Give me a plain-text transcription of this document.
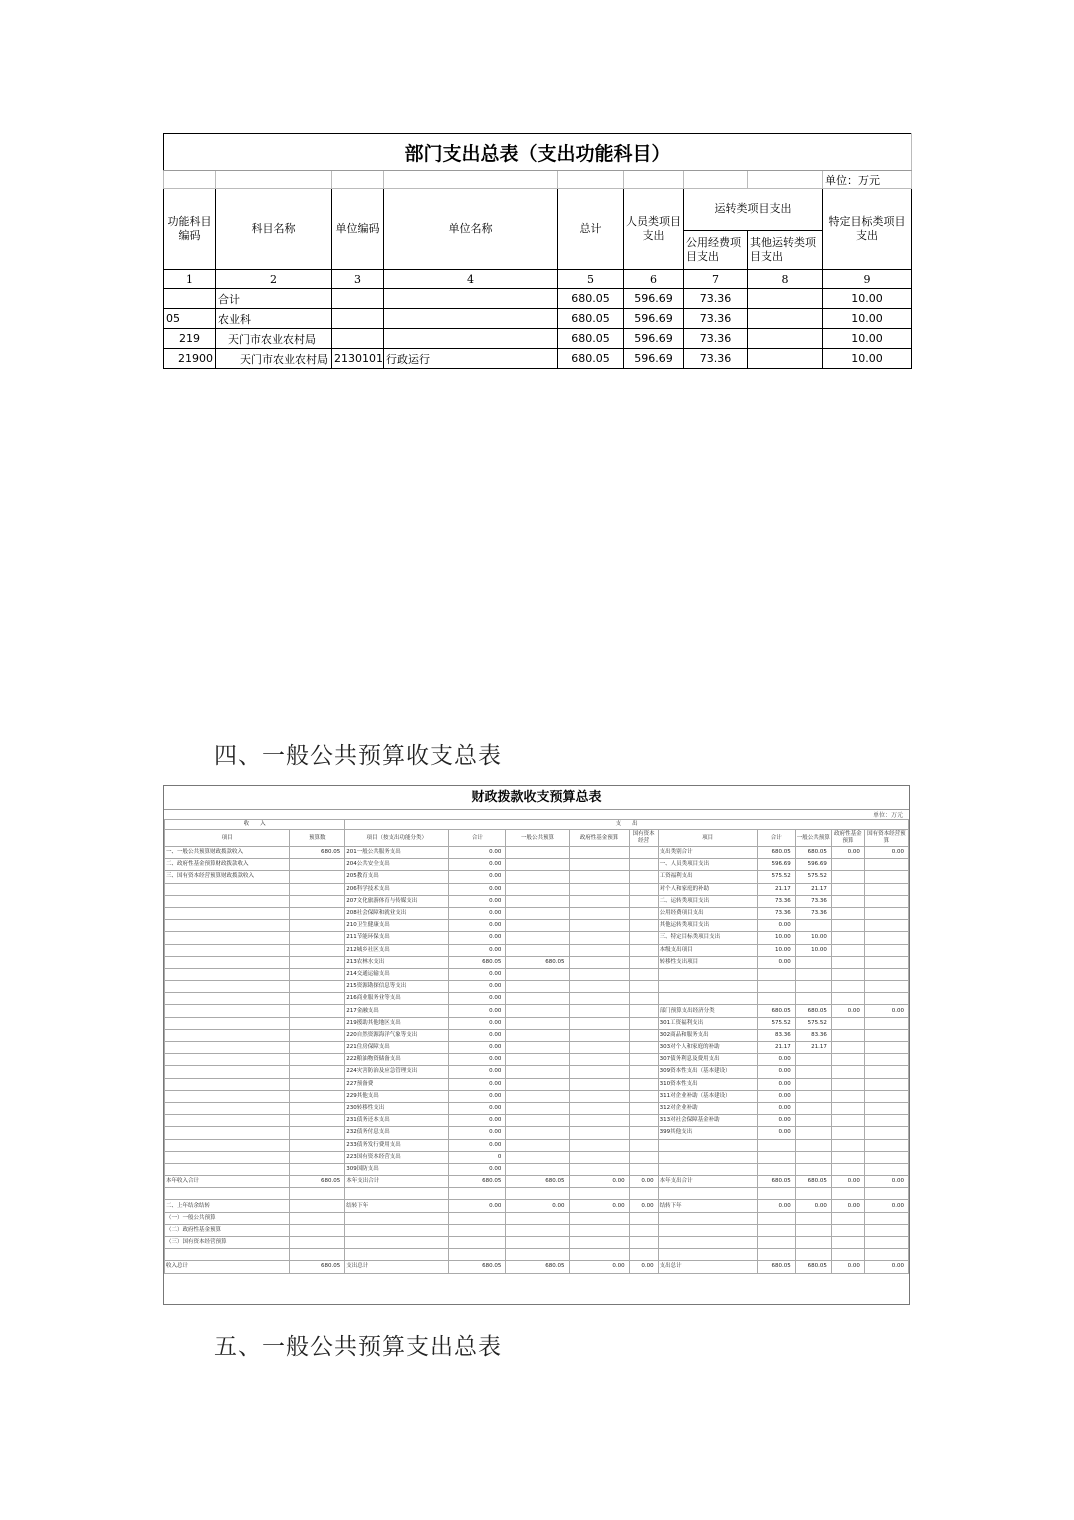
部门支出总表（支出功能科目）								
								单位：万元
功能科目编码	科目名称	单位编码	单位名称	总计	人员类项目支出	运转类项目支出		特定目标类项目支出
						公用经费项目支出	其他运转类项目支出	
1	2	3	4	5	6	7	8	9
	合计			680.05	596.69	73.36		10.00
05	农业科			680.05	596.69	73.36		10.00
219	天门市农业农村局			680.05	596.69	73.36		10.00
21900	天门市农业农村局	2130101	行政运行	680.05	596.69	73.36		10.00
四、一般公共预算收支总表
财政拨款收支预算总表
单位：万元
收　　入		支　　出									
项目	预算数	项目（按支出功能分类）	合计	一般公共预算	政府性基金预算	国有资本经营	项目	合计	一般公共预算	政府性基金预算	国有资本经营预算
一、一般公共预算财政拨款收入	680.05	201一般公共服务支出	0.00				支出类别合计	680.05	680.05	0.00	0.00
二、政府性基金预算财政拨款收入		204公共安全支出	0.00				一、人员类项目支出	596.69	596.69		
三、国有资本经营预算财政拨款收入		205教育支出	0.00				工资福利支出	575.52	575.52		
		206科学技术支出	0.00				对个人和家庭的补助	21.17	21.17		
		207文化旅游体育与传媒支出	0.00				二、运转类项目支出	73.36	73.36		
		208社会保障和就业支出	0.00				公用经费项目支出	73.36	73.36		
		210卫生健康支出	0.00				其他运转类项目支出	0.00			
		211节能环保支出	0.00				三、特定目标类项目支出	10.00	10.00		
		212城乡社区支出	0.00				本级支出项目	10.00	10.00		
		213农林水支出	680.05	680.05			转移性支出项目	0.00			
		214交通运输支出	0.00								
		215资源勘探信息等支出	0.00								
		216商业服务业等支出	0.00								
		217金融支出	0.00				部门预算支出经济分类	680.05	680.05	0.00	0.00
		219援助其他地区支出	0.00				301工资福利支出	575.52	575.52		
		220自然资源海洋气象等支出	0.00				302商品和服务支出	83.36	83.36		
		221住房保障支出	0.00				303对个人和家庭的补助	21.17	21.17		
		222粮油物资储备支出	0.00				307债务利息及费用支出	0.00			
		224灾害防治及应急管理支出	0.00				309资本性支出（基本建设）	0.00			
		227预备费	0.00				310资本性支出	0.00			
		229其他支出	0.00				311对企业补助（基本建设）	0.00			
		230转移性支出	0.00				312对企业补助	0.00			
		231债务还本支出	0.00				313对社会保障基金补助	0.00			
		232债务付息支出	0.00				399其他支出	0.00			
		233债务发行费用支出	0.00								
		223国有资本经营支出	0								
		309国防支出	0.00								
本年收入合计	680.05	本年支出合计	680.05	680.05	0.00	0.00	本年支出合计	680.05	680.05	0.00	0.00

二、上年结余结转		结转下年	0.00	0.00	0.00	0.00	结转下年	0.00	0.00	0.00	0.00
（一）一般公共预算											
（二）政府性基金预算											
（三）国有资本经营预算											

收入总计	680.05	支出总计	680.05	680.05	0.00	0.00	支出总计	680.05	680.05	0.00	0.00
五、一般公共预算支出总表
